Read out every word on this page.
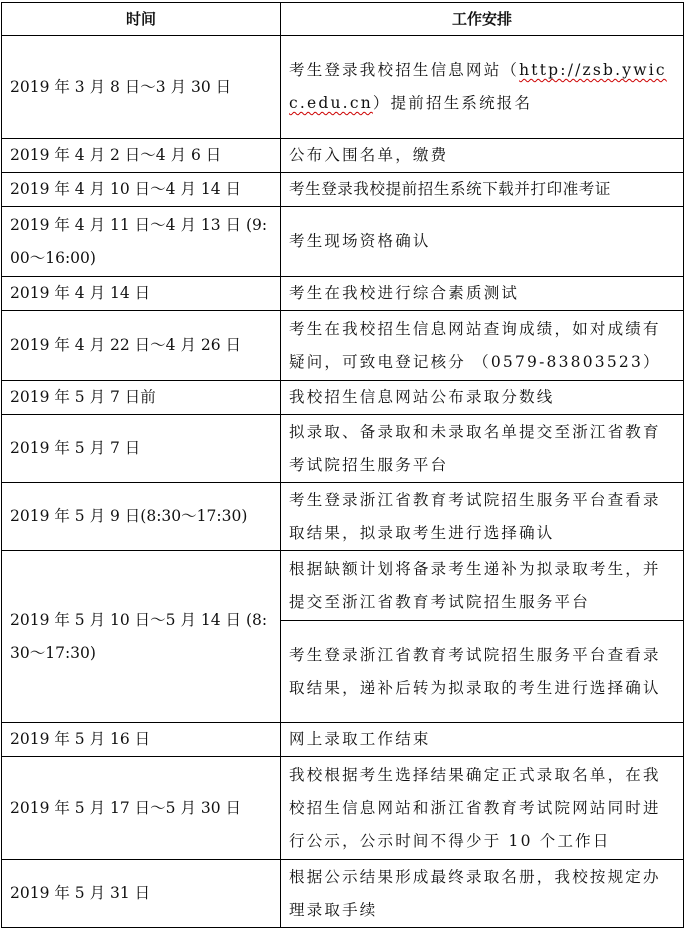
时间	工作安排
2019 年 3 月 8 日～3 月 30 日	考生登录我校招生信息网站（http://zsb.ywicc.edu.cn）提前招生系统报名
2019 年 4 月 2 日～4 月 6 日	公布入围名单，缴费
2019 年 4 月 10 日～4 月 14 日	考生登录我校提前招生系统下载并打印准考证
2019 年 4 月 11 日～4 月 13 日 (9:00～16:00)	考生现场资格确认
2019 年 4 月 14 日	考生在我校进行综合素质测试
2019 年 4 月 22 日～4 月 26 日	考生在我校招生信息网站查询成绩，如对成绩有疑问，可致电登记核分 （0579-83803523）
2019 年 5 月 7 日前	我校招生信息网站公布录取分数线
2019 年 5 月 7 日	拟录取、备录取和未录取名单提交至浙江省教育考试院招生服务平台
2019 年 5 月 9 日(8:30～17:30)	考生登录浙江省教育考试院招生服务平台查看录取结果，拟录取考生进行选择确认
2019 年 5 月 10 日～5 月 14 日 (8:30～17:30)	根据缺额计划将备录考生递补为拟录取考生，并提交至浙江省教育考试院招生服务平台
	考生登录浙江省教育考试院招生服务平台查看录取结果，递补后转为拟录取的考生进行选择确认
2019 年 5 月 16 日	网上录取工作结束
2019 年 5 月 17 日～5 月 30 日	我校根据考生选择结果确定正式录取名单，在我校招生信息网站和浙江省教育考试院网站同时进行公示，公示时间不得少于 10 个工作日
2019 年 5 月 31 日	根据公示结果形成最终录取名册，我校按规定办理录取手续
